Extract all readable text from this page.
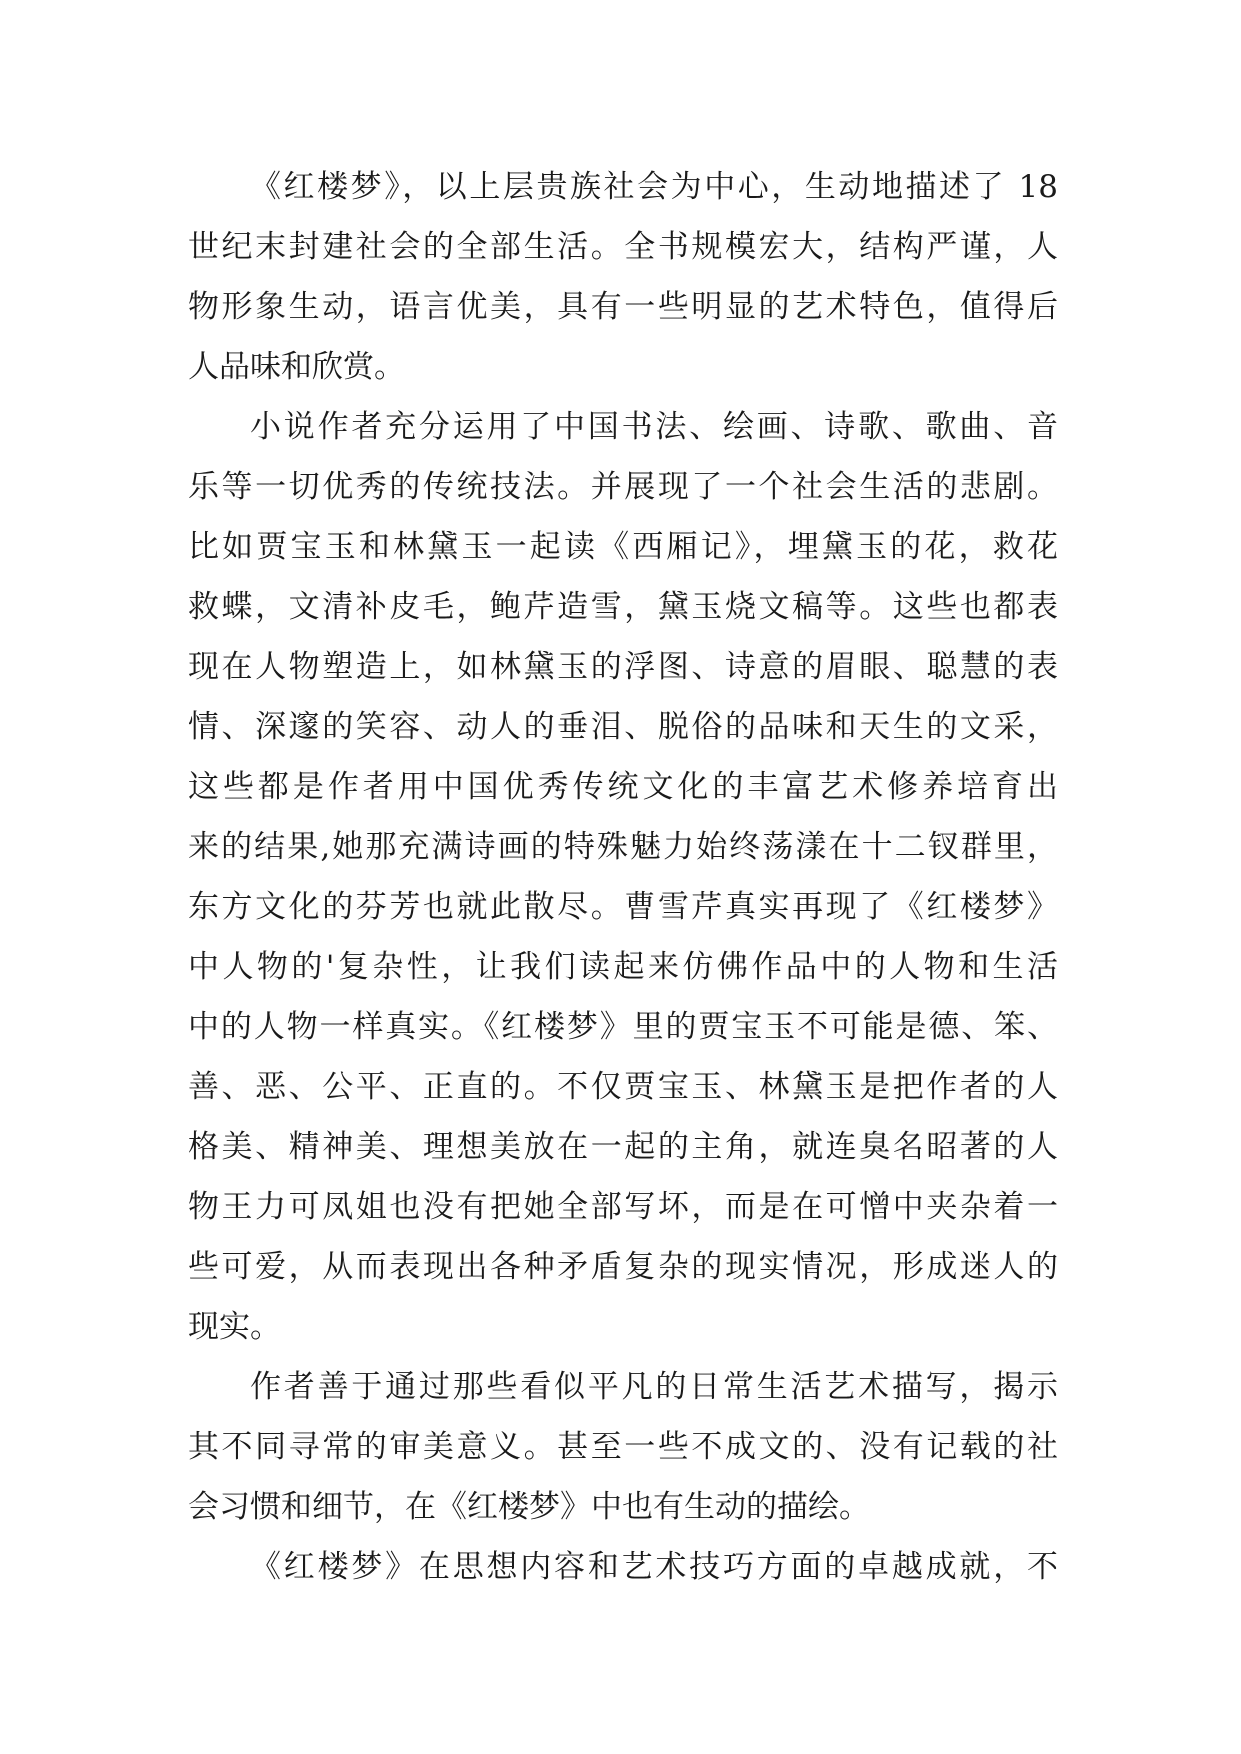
《红楼梦》，以上层贵族社会为中心，生动地描述了 18
世纪末封建社会的全部生活。全书规模宏大，结构严谨，人
物形象生动，语言优美，具有一些明显的艺术特色，值得后
人品味和欣赏。
小说作者充分运用了中国书法、绘画、诗歌、歌曲、音
乐等一切优秀的传统技法。并展现了一个社会生活的悲剧。
比如贾宝玉和林黛玉一起读《西厢记》，埋黛玉的花，救花
救蝶，文清补皮毛，鲍芹造雪，黛玉烧文稿等。这些也都表
现在人物塑造上，如林黛玉的浮图、诗意的眉眼、聪慧的表
情、深邃的笑容、动人的垂泪、脱俗的品味和天生的文采，
这些都是作者用中国优秀传统文化的丰富艺术修养培育出
来的结果,她那充满诗画的特殊魅力始终荡漾在十二钗群里，
东方文化的芬芳也就此散尽。曹雪芹真实再现了《红楼梦》
中人物的'复杂性，让我们读起来仿佛作品中的人物和生活
中的人物一样真实。《红楼梦》里的贾宝玉不可能是德、笨、
善、恶、公平、正直的。不仅贾宝玉、林黛玉是把作者的人
格美、精神美、理想美放在一起的主角，就连臭名昭著的人
物王力可凤姐也没有把她全部写坏，而是在可憎中夹杂着一
些可爱，从而表现出各种矛盾复杂的现实情况，形成迷人的
现实。
作者善于通过那些看似平凡的日常生活艺术描写，揭示
其不同寻常的审美意义。甚至一些不成文的、没有记载的社
会习惯和细节，在《红楼梦》中也有生动的描绘。
《红楼梦》在思想内容和艺术技巧方面的卓越成就，不
